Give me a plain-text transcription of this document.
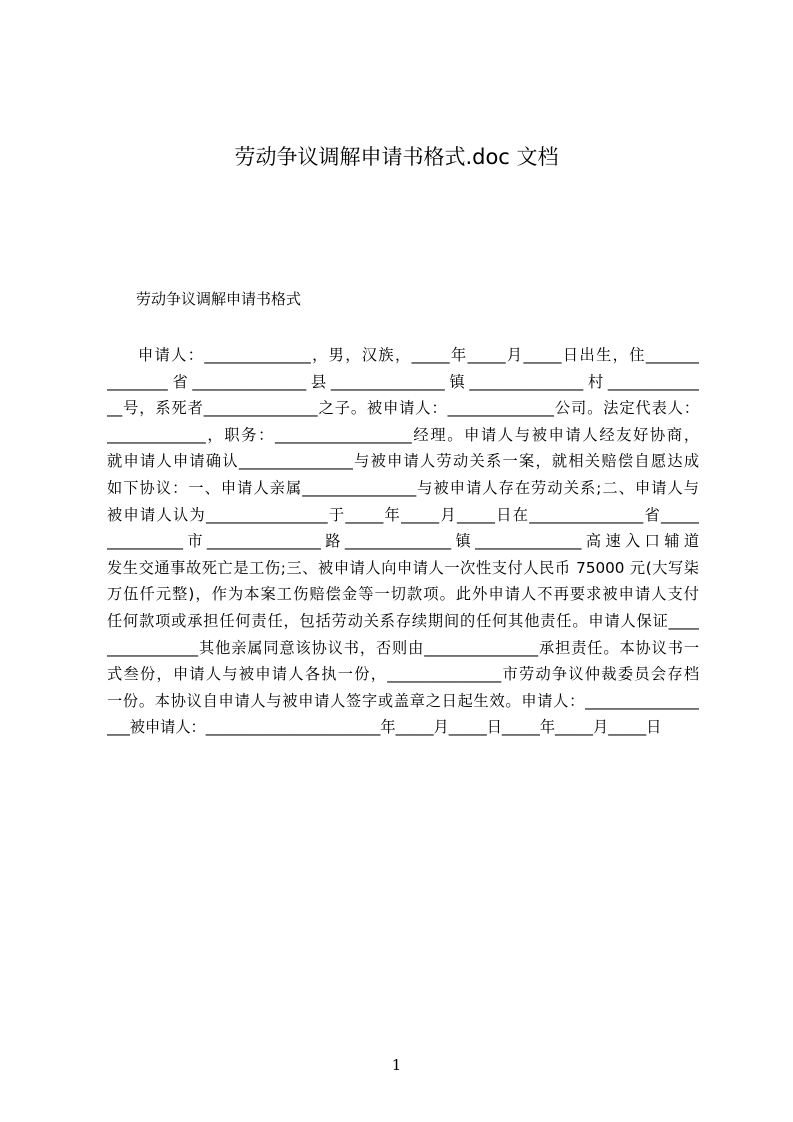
劳动争议调解申请书格式.doc 文档
劳动争议调解申请书格式
申请人：______________，男，汉族，_____年_____月_____日出生，住_______
________省_______________县_______________镇_______________村____________
__号，系死者_______________之子。被申请人：______________公司。法定代表人：
_____________，职务：__________________经理。申请人与被申请人经友好协商，
就申请人申请确认_______________与被申请人劳动关系一案，就相关赔偿自愿达成
如下协议：一、申请人亲属_______________与被申请人存在劳动关系;二、申请人与
被申请人认为________________于_____年_____月_____日在_______________省_____
__________市_______________路______________镇______________高速入口辅道
发生交通事故死亡是工伤;三、被申请人向申请人一次性支付人民币 75000 元(大写柒
万伍仟元整)，作为本案工伤赔偿金等一切款项。此外申请人不再要求被申请人支付
任何款项或承担任何责任，包括劳动关系存续期间的任何其他责任。申请人保证____
____________其他亲属同意该协议书，否则由_______________承担责任。本协议书一
式叁份，申请人与被申请人各执一份，_______________市劳动争议仲裁委员会存档
一份。本协议自申请人与被申请人签字或盖章之日起生效。申请人：_______________
___被申请人：_______________________年_____月_____日_____年_____月_____日
1
